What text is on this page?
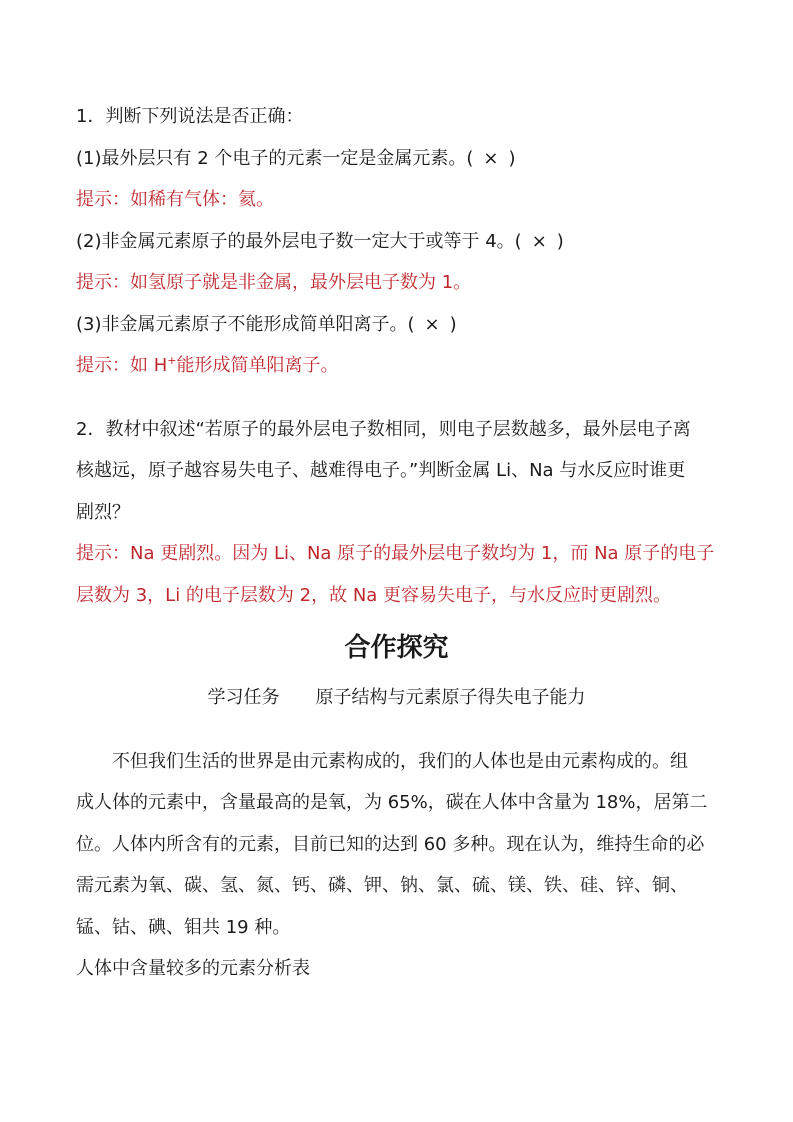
1．判断下列说法是否正确：
(1)最外层只有 2 个电子的元素一定是金属元素。( × )
提示：如稀有气体：氦。
(2)非金属元素原子的最外层电子数一定大于或等于 4。( × )
提示：如氢原子就是非金属，最外层电子数为 1。
(3)非金属元素原子不能形成简单阳离子。( × )
提示：如 H+能形成简单阳离子。
2．教材中叙述“若原子的最外层电子数相同，则电子层数越多，最外层电子离
核越远，原子越容易失电子、越难得电子。”判断金属 Li、Na 与水反应时谁更
剧烈？
提示：Na 更剧烈。因为 Li、Na 原子的最外层电子数均为 1，而 Na 原子的电子
层数为 3，Li 的电子层数为 2，故 Na 更容易失电子，与水反应时更剧烈。
合作探究
学习任务　　原子结构与元素原子得失电子能力
　　不但我们生活的世界是由元素构成的，我们的人体也是由元素构成的。组
成人体的元素中，含量最高的是氧，为 65%，碳在人体中含量为 18%，居第二
位。人体内所含有的元素，目前已知的达到 60 多种。现在认为，维持生命的必
需元素为氧、碳、氢、氮、钙、磷、钾、钠、氯、硫、镁、铁、硅、锌、铜、
锰、钴、碘、钼共 19 种。
人体中含量较多的元素分析表
